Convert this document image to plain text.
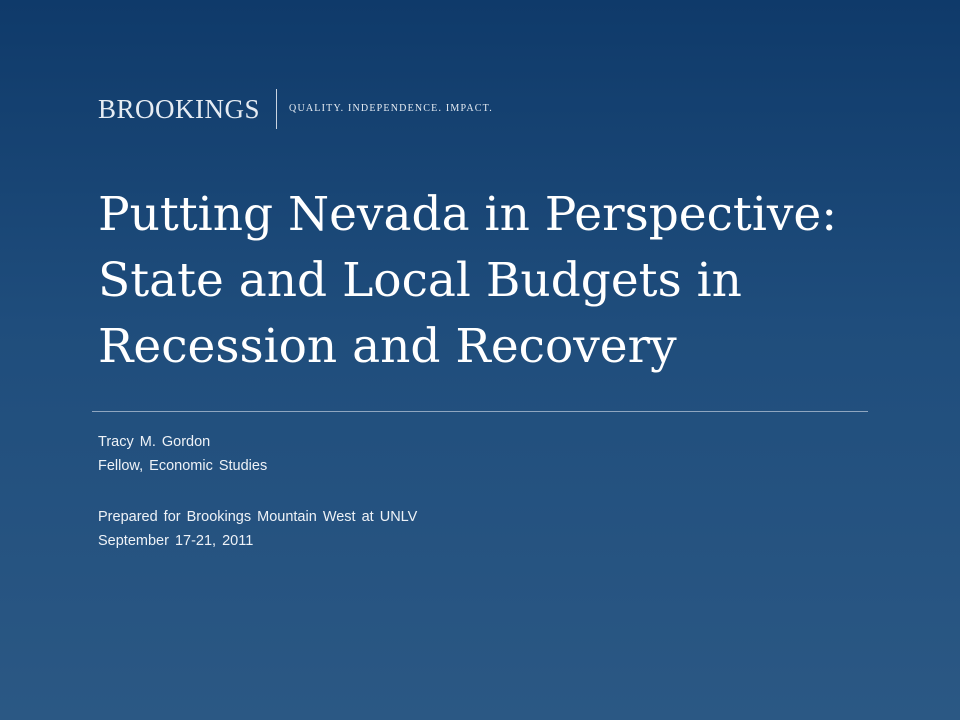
BROOKINGS	QUALITY. INDEPENDENCE. IMPACT.
Putting Nevada in Perspective:
State and Local Budgets in
Recession and Recovery
Tracy M. Gordon
Fellow, Economic Studies
Prepared for Brookings Mountain West at UNLV
September 17-21, 2011
